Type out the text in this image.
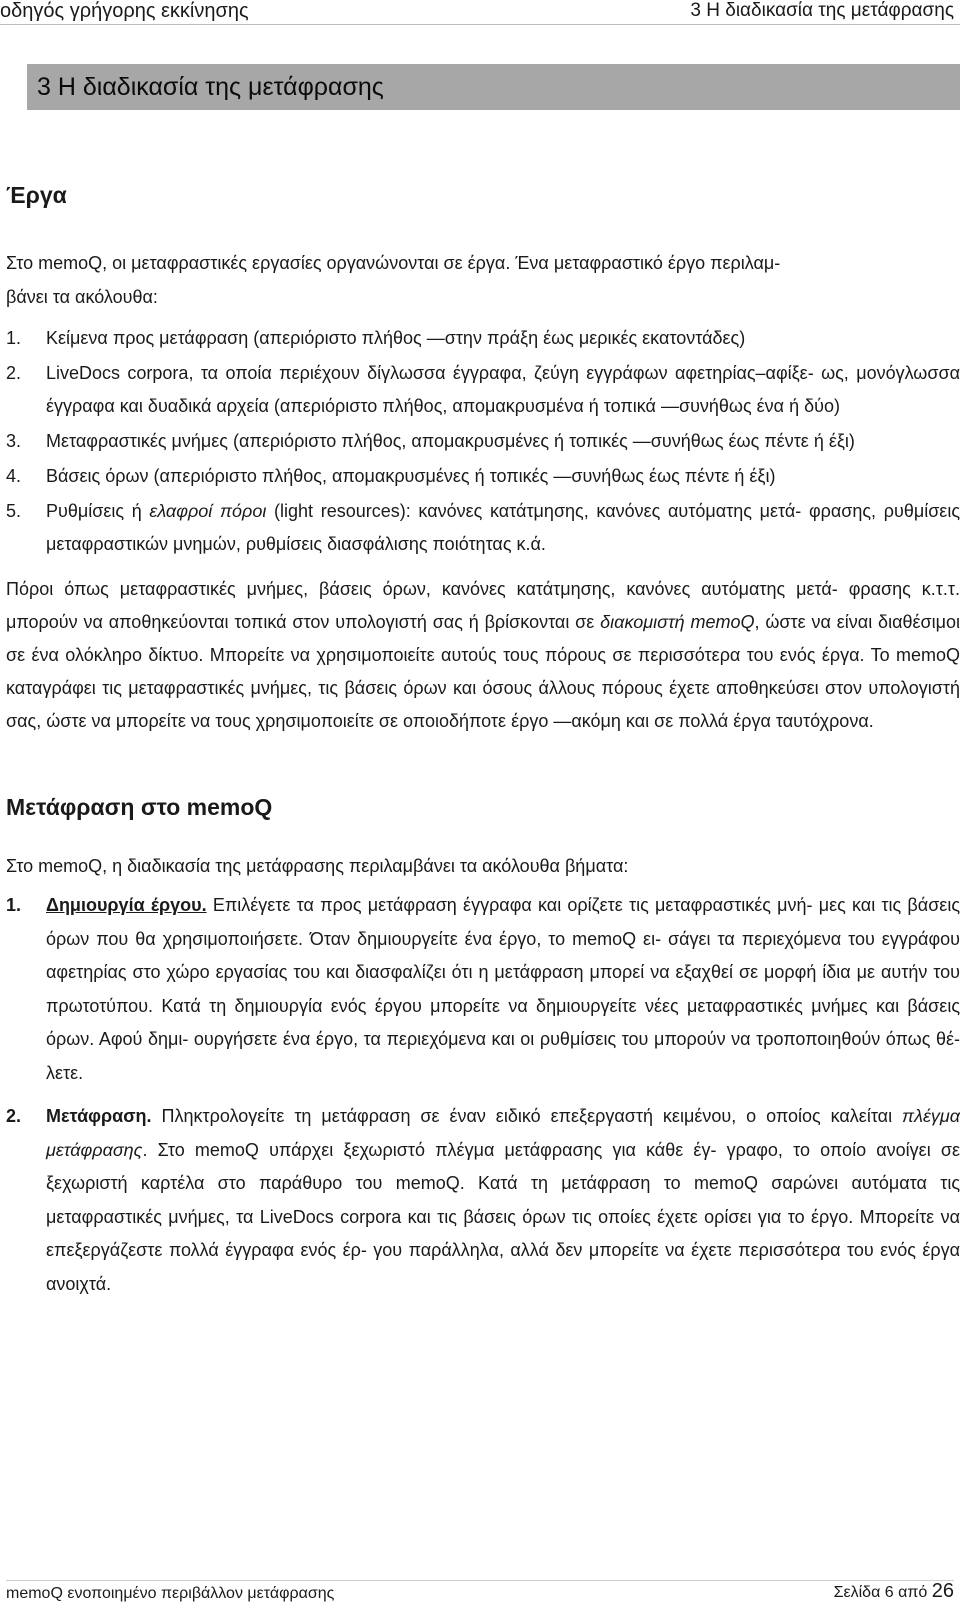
οδηγός γρήγορης εκκίνησης	3 Η διαδικασία της μετάφρασης
3 Η διαδικασία της μετάφρασης
Έργα

Στο memoQ, οι μεταφραστικές εργασίες οργανώνονται σε έργα. Ένα μεταφραστικό έργο περιλαμ-
βάνει τα ακόλουθα:

1. Κείμενα προς μετάφραση (απεριόριστο πλήθος —στην πράξη έως μερικές εκατοντάδες)
2. LiveDocs corpora, τα οποία περιέχουν δίγλωσσα έγγραφα, ζεύγη εγγράφων αφετηρίας–αφίξε- ως, μονόγλωσσα έγγραφα και δυαδικά αρχεία (απεριόριστο πλήθος, απομακρυσμένα ή τοπικά —συνήθως ένα ή δύο)
3. Μεταφραστικές μνήμες (απεριόριστο πλήθος, απομακρυσμένες ή τοπικές —συνήθως έως πέντε ή έξι)
4. Βάσεις όρων (απεριόριστο πλήθος, απομακρυσμένες ή τοπικές —συνήθως έως πέντε ή έξι)
5. Ρυθμίσεις ή ελαφροί πόροι (light resources): κανόνες κατάτμησης, κανόνες αυτόματης μετά- φρασης, ρυθμίσεις μεταφραστικών μνημών, ρυθμίσεις διασφάλισης ποιότητας κ.ά.

Πόροι όπως μεταφραστικές μνήμες, βάσεις όρων, κανόνες κατάτμησης, κανόνες αυτόματης μετά- φρασης κ.τ.τ. μπορούν να αποθηκεύονται τοπικά στον υπολογιστή σας ή βρίσκονται σε διακομιστή memoQ, ώστε να είναι διαθέσιμοι σε ένα ολόκληρο δίκτυο. Μπορείτε να χρησιμοποιείτε αυτούς τους πόρους σε περισσότερα του ενός έργα. Το memoQ καταγράφει τις μεταφραστικές μνήμες, τις βάσεις όρων και όσους άλλους πόρους έχετε αποθηκεύσει στον υπολογιστή σας, ώστε να μπορείτε να τους χρησιμοποιείτε σε οποιοδήποτε έργο —ακόμη και σε πολλά έργα ταυτόχρονα.

Μετάφραση στο memoQ

Στο memoQ, η διαδικασία της μετάφρασης περιλαμβάνει τα ακόλουθα βήματα:

1. Δημιουργία έργου. Επιλέγετε τα προς μετάφραση έγγραφα και ορίζετε τις μεταφραστικές μνή- μες και τις βάσεις όρων που θα χρησιμοποιήσετε. Όταν δημιουργείτε ένα έργο, το memoQ ει- σάγει τα περιεχόμενα του εγγράφου αφετηρίας στο χώρο εργασίας του και διασφαλίζει ότι η μετάφραση μπορεί να εξαχθεί σε μορφή ίδια με αυτήν του πρωτοτύπου. Κατά τη δημιουργία ενός έργου μπορείτε να δημιουργείτε νέες μεταφραστικές μνήμες και βάσεις όρων. Αφού δημι- ουργήσετε ένα έργο, τα περιεχόμενα και οι ρυθμίσεις του μπορούν να τροποποιηθούν όπως θέ- λετε.
2. Μετάφραση. Πληκτρολογείτε τη μετάφραση σε έναν ειδικό επεξεργαστή κειμένου, ο οποίος καλείται πλέγμα μετάφρασης. Στο memoQ υπάρχει ξεχωριστό πλέγμα μετάφρασης για κάθε έγ- γραφο, το οποίο ανοίγει σε ξεχωριστή καρτέλα στο παράθυρο του memoQ. Κατά τη μετάφραση το memoQ σαρώνει αυτόματα τις μεταφραστικές μνήμες, τα LiveDocs corpora και τις βάσεις όρων τις οποίες έχετε ορίσει για το έργο. Μπορείτε να επεξεργάζεστε πολλά έγγραφα ενός έρ- γου παράλληλα, αλλά δεν μπορείτε να έχετε περισσότερα του ενός έργα ανοιχτά.
memoQ ενοποιημένο περιβάλλον μετάφρασης	Σελίδα 6 από 26
